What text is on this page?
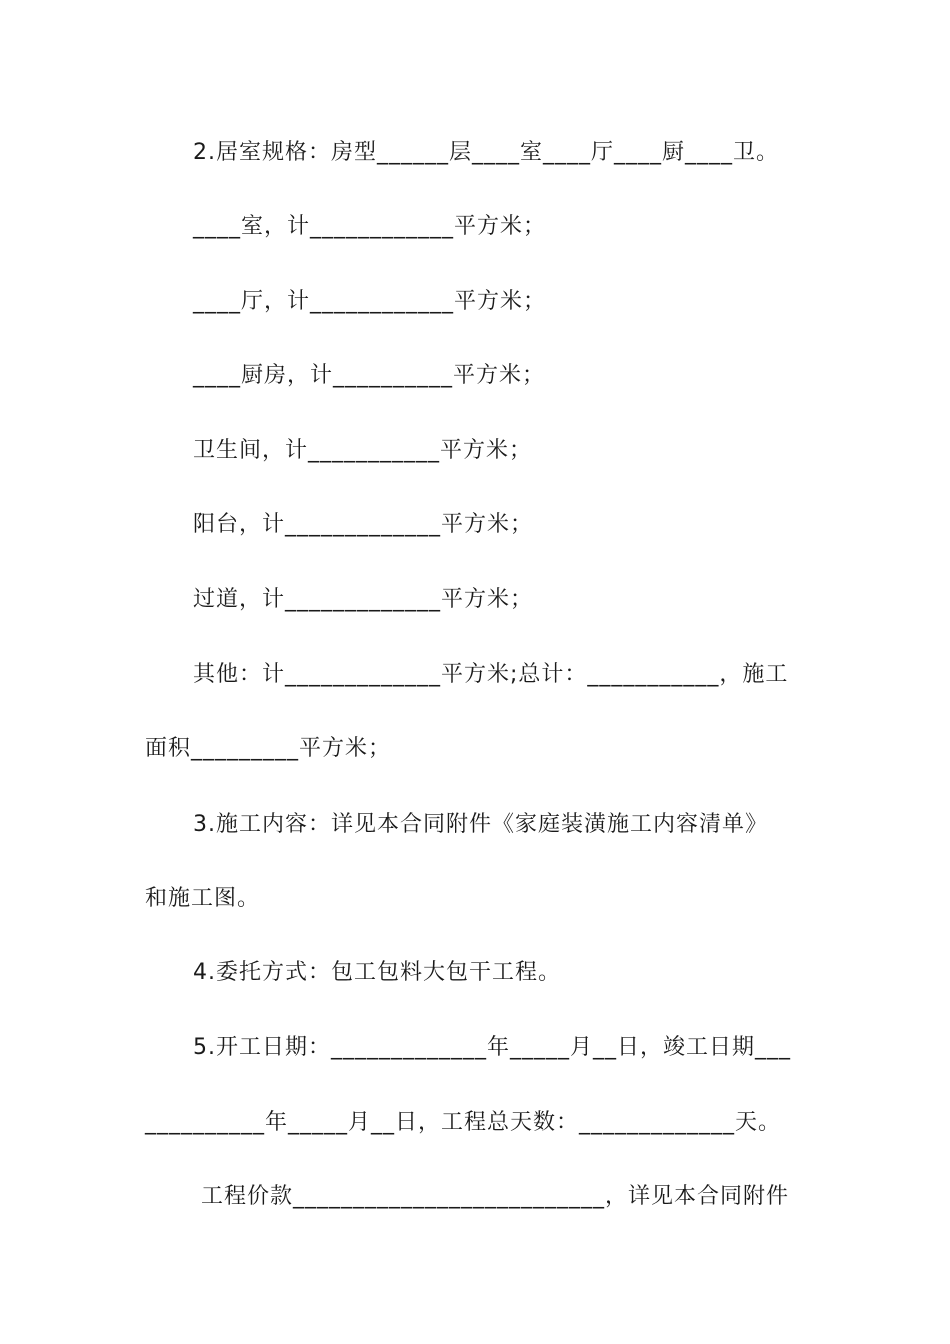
2.居室规格：房型______层____室____厅____厨____卫。
____室，计____________平方米；
____厅，计____________平方米；
____厨房，计__________平方米；
卫生间，计___________平方米；
阳台，计_____________平方米；
过道，计_____________平方米；
其他：计_____________平方米;总计：___________，施工
面积_________平方米；
3.施工内容：详见本合同附件《家庭装潢施工内容清单》
和施工图。
4.委托方式：包工包料大包干工程。
5.开工日期：_____________年_____月__日，竣工日期___
__________年_____月__日，工程总天数：_____________天。
工程价款__________________________，详见本合同附件
